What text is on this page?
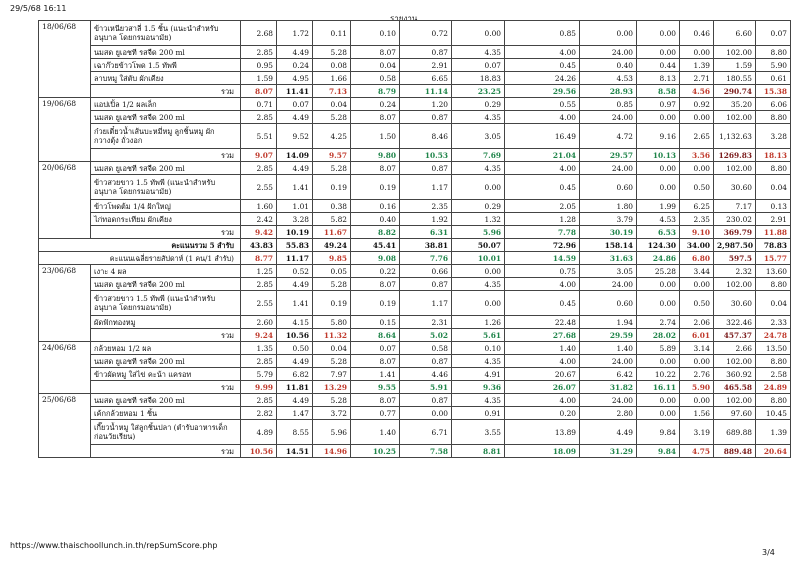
29/5/68 16:11
รายงาน
18/06/68	ข้าวเหนียวสาลี่ 1.5 ชิ้น (แนะนำสำหรับอนุบาล โดยกรมอนามัย)	2.68	1.72	0.11	0.10	0.72	0.00	0.85	0.00	0.00	0.46	6.60	0.07
	นมสด ยูเอชที รสจืด 200 ml	2.85	4.49	5.28	8.07	0.87	4.35	4.00	24.00	0.00	0.00	102.00	8.80
	เฉาก๊วยข้าวโพด 1.5 ทัพพี	0.95	0.24	0.08	0.04	2.91	0.07	0.45	0.40	0.44	1.39	1.59	5.90
	ลาบหมู ใส่ตับ ผักเคียง	1.59	4.95	1.66	0.58	6.65	18.83	24.26	4.53	8.13	2.71	180.55	0.61
	รวม	8.07	11.41	7.13	8.79	11.14	23.25	29.56	28.93	8.58	4.56	290.74	15.38
19/06/68	แอปเปิ้ล 1/2 ผลเล็ก	0.71	0.07	0.04	0.24	1.20	0.29	0.55	0.85	0.97	0.92	35.20	6.06
	นมสด ยูเอชที รสจืด 200 ml	2.85	4.49	5.28	8.07	0.87	4.35	4.00	24.00	0.00	0.00	102.00	8.80
	ก๋วยเตี๋ยวน้ำเส้นบะหมี่หมู ลูกชิ้นหมู ผักกวางตุ้ง ถั่วงอก	5.51	9.52	4.25	1.50	8.46	3.05	16.49	4.72	9.16	2.65	1,132.63	3.28
	รวม	9.07	14.09	9.57	9.80	10.53	7.69	21.04	29.57	10.13	3.56	1269.83	18.13
20/06/68	นมสด ยูเอชที รสจืด 200 ml	2.85	4.49	5.28	8.07	0.87	4.35	4.00	24.00	0.00	0.00	102.00	8.80
	ข้าวสวยขาว 1.5 ทัพพี (แนะนำสำหรับอนุบาล โดยกรมอนามัย)	2.55	1.41	0.19	0.19	1.17	0.00	0.45	0.60	0.00	0.50	30.60	0.04
	ข้าวโพดต้ม 1/4 ฝักใหญ่	1.60	1.01	0.38	0.16	2.35	0.29	2.05	1.80	1.99	6.25	7.17	0.13
	ไก่ทอดกระเทียม ผักเคียง	2.42	3.28	5.82	0.40	1.92	1.32	1.28	3.79	4.53	2.35	230.02	2.91
	รวม	9.42	10.19	11.67	8.82	6.31	5.96	7.78	30.19	6.53	9.10	369.79	11.88
คะแนนรวม 5 สำรับ		43.83	55.83	49.24	45.41	38.81	50.07	72.96	158.14	124.30	34.00	2,987.50	78.83
คะแนนเฉลี่ยรายสัปดาห์ (1 คน/1 สำรับ)		8.77	11.17	9.85	9.08	7.76	10.01	14.59	31.63	24.86	6.80	597.5	15.77
23/06/68	เงาะ 4 ผล	1.25	0.52	0.05	0.22	0.66	0.00	0.75	3.05	25.28	3.44	2.32	13.60
	นมสด ยูเอชที รสจืด 200 ml	2.85	4.49	5.28	8.07	0.87	4.35	4.00	24.00	0.00	0.00	102.00	8.80
	ข้าวสวยขาว 1.5 ทัพพี (แนะนำสำหรับอนุบาล โดยกรมอนามัย)	2.55	1.41	0.19	0.19	1.17	0.00	0.45	0.60	0.00	0.50	30.60	0.04
	ผัดฟักทองหมู	2.60	4.15	5.80	0.15	2.31	1.26	22.48	1.94	2.74	2.06	322.46	2.33
	รวม	9.24	10.56	11.32	8.64	5.02	5.61	27.68	29.59	28.02	6.01	457.37	24.78
24/06/68	กล้วยหอม 1/2 ผล	1.35	0.50	0.04	0.07	0.58	0.10	1.40	1.40	5.89	3.14	2.66	13.50
	นมสด ยูเอชที รสจืด 200 ml	2.85	4.49	5.28	8.07	0.87	4.35	4.00	24.00	0.00	0.00	102.00	8.80
	ข้าวผัดหมู ใส่ไข่ คะน้า แครอท	5.79	6.82	7.97	1.41	4.46	4.91	20.67	6.42	10.22	2.76	360.92	2.58
	รวม	9.99	11.81	13.29	9.55	5.91	9.36	26.07	31.82	16.11	5.90	465.58	24.89
25/06/68	นมสด ยูเอชที รสจืด 200 ml	2.85	4.49	5.28	8.07	0.87	4.35	4.00	24.00	0.00	0.00	102.00	8.80
	เค้กกล้วยหอม 1 ชิ้น	2.82	1.47	3.72	0.77	0.00	0.91	0.20	2.80	0.00	1.56	97.60	10.45
	เกี๊ยวน้ำหมู ใส่ลูกชิ้นปลา (ตำรับอาหารเด็กก่อนวัยเรียน)	4.89	8.55	5.96	1.40	6.71	3.55	13.89	4.49	9.84	3.19	689.88	1.39
	รวม	10.56	14.51	14.96	10.25	7.58	8.81	18.09	31.29	9.84	4.75	889.48	20.64
https://www.thaischoollunch.in.th/repSumScore.php
3/4
